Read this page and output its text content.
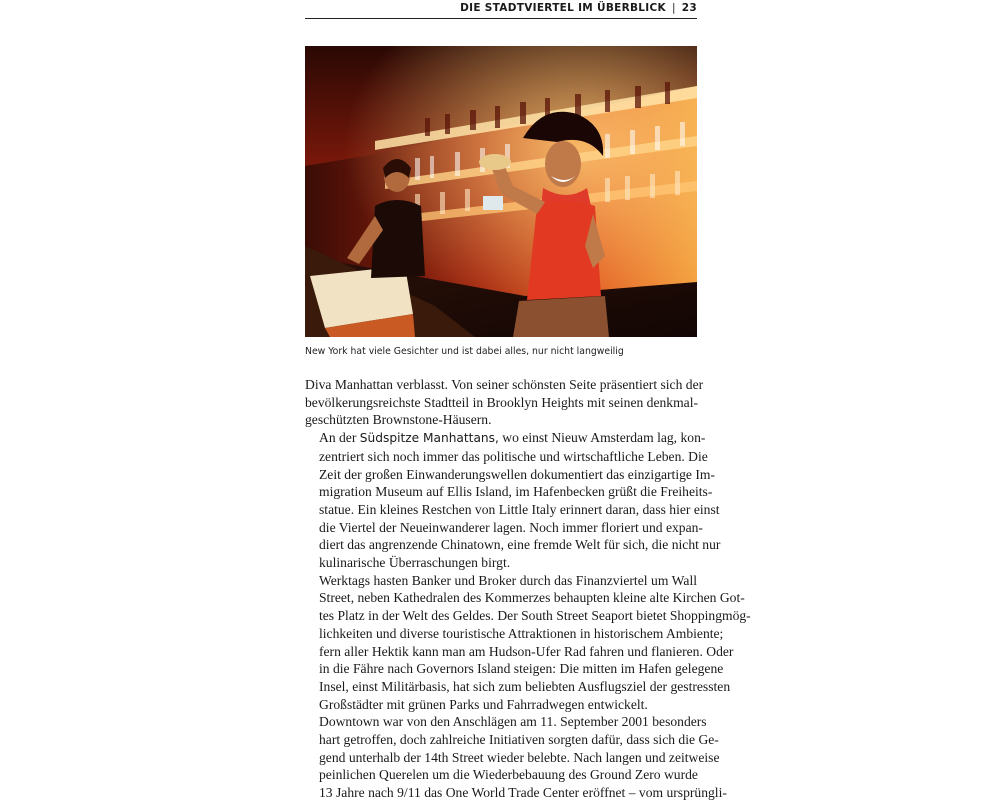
DIE STADTVIERTEL IM ÜBERBLICK | 23
New York hat viele Gesichter und ist dabei alles, nur nicht langweilig

Diva Manhattan verblasst. Von seiner schönsten Seite präsentiert sich der
bevölkerungsreichste Stadtteil in Brooklyn Heights mit seinen denkmal-
geschützten Brownstone-Häusern.

An der Südspitze Manhattans, wo einst Nieuw Amsterdam lag, kon-
zentriert sich noch immer das politische und wirtschaftliche Leben. Die
Zeit der großen Einwanderungswellen dokumentiert das einzigartige Im-
migration Museum auf Ellis Island, im Hafenbecken grüßt die Freiheits-
statue. Ein kleines Restchen von Little Italy erinnert daran, dass hier einst
die Viertel der Neueinwanderer lagen. Noch immer floriert und expan-
diert das angrenzende Chinatown, eine fremde Welt für sich, die nicht nur
kulinarische Überraschungen birgt.

Werktags hasten Banker und Broker durch das Finanzviertel um Wall
Street, neben Kathedralen des Kommerzes behaupten kleine alte Kirchen Got-
tes Platz in der Welt des Geldes. Der South Street Seaport bietet Shoppingmög-
lichkeiten und diverse touristische Attraktionen in historischem Ambiente;
fern aller Hektik kann man am Hudson-Ufer Rad fahren und flanieren. Oder
in die Fähre nach Governors Island steigen: Die mitten im Hafen gelegene
Insel, einst Militärbasis, hat sich zum beliebten Ausflugsziel der gestressten
Großstädter mit grünen Parks und Fahrradwegen entwickelt.

Downtown war von den Anschlägen am 11. September 2001 besonders
hart getroffen, doch zahlreiche Initiativen sorgten dafür, dass sich die Ge-
gend unterhalb der 14th Street wieder belebte. Nach langen und zeitweise
peinlichen Querelen um die Wiederbebauung des Ground Zero wurde
13 Jahre nach 9/11 das One World Trade Center eröffnet – vom ursprüngli-
